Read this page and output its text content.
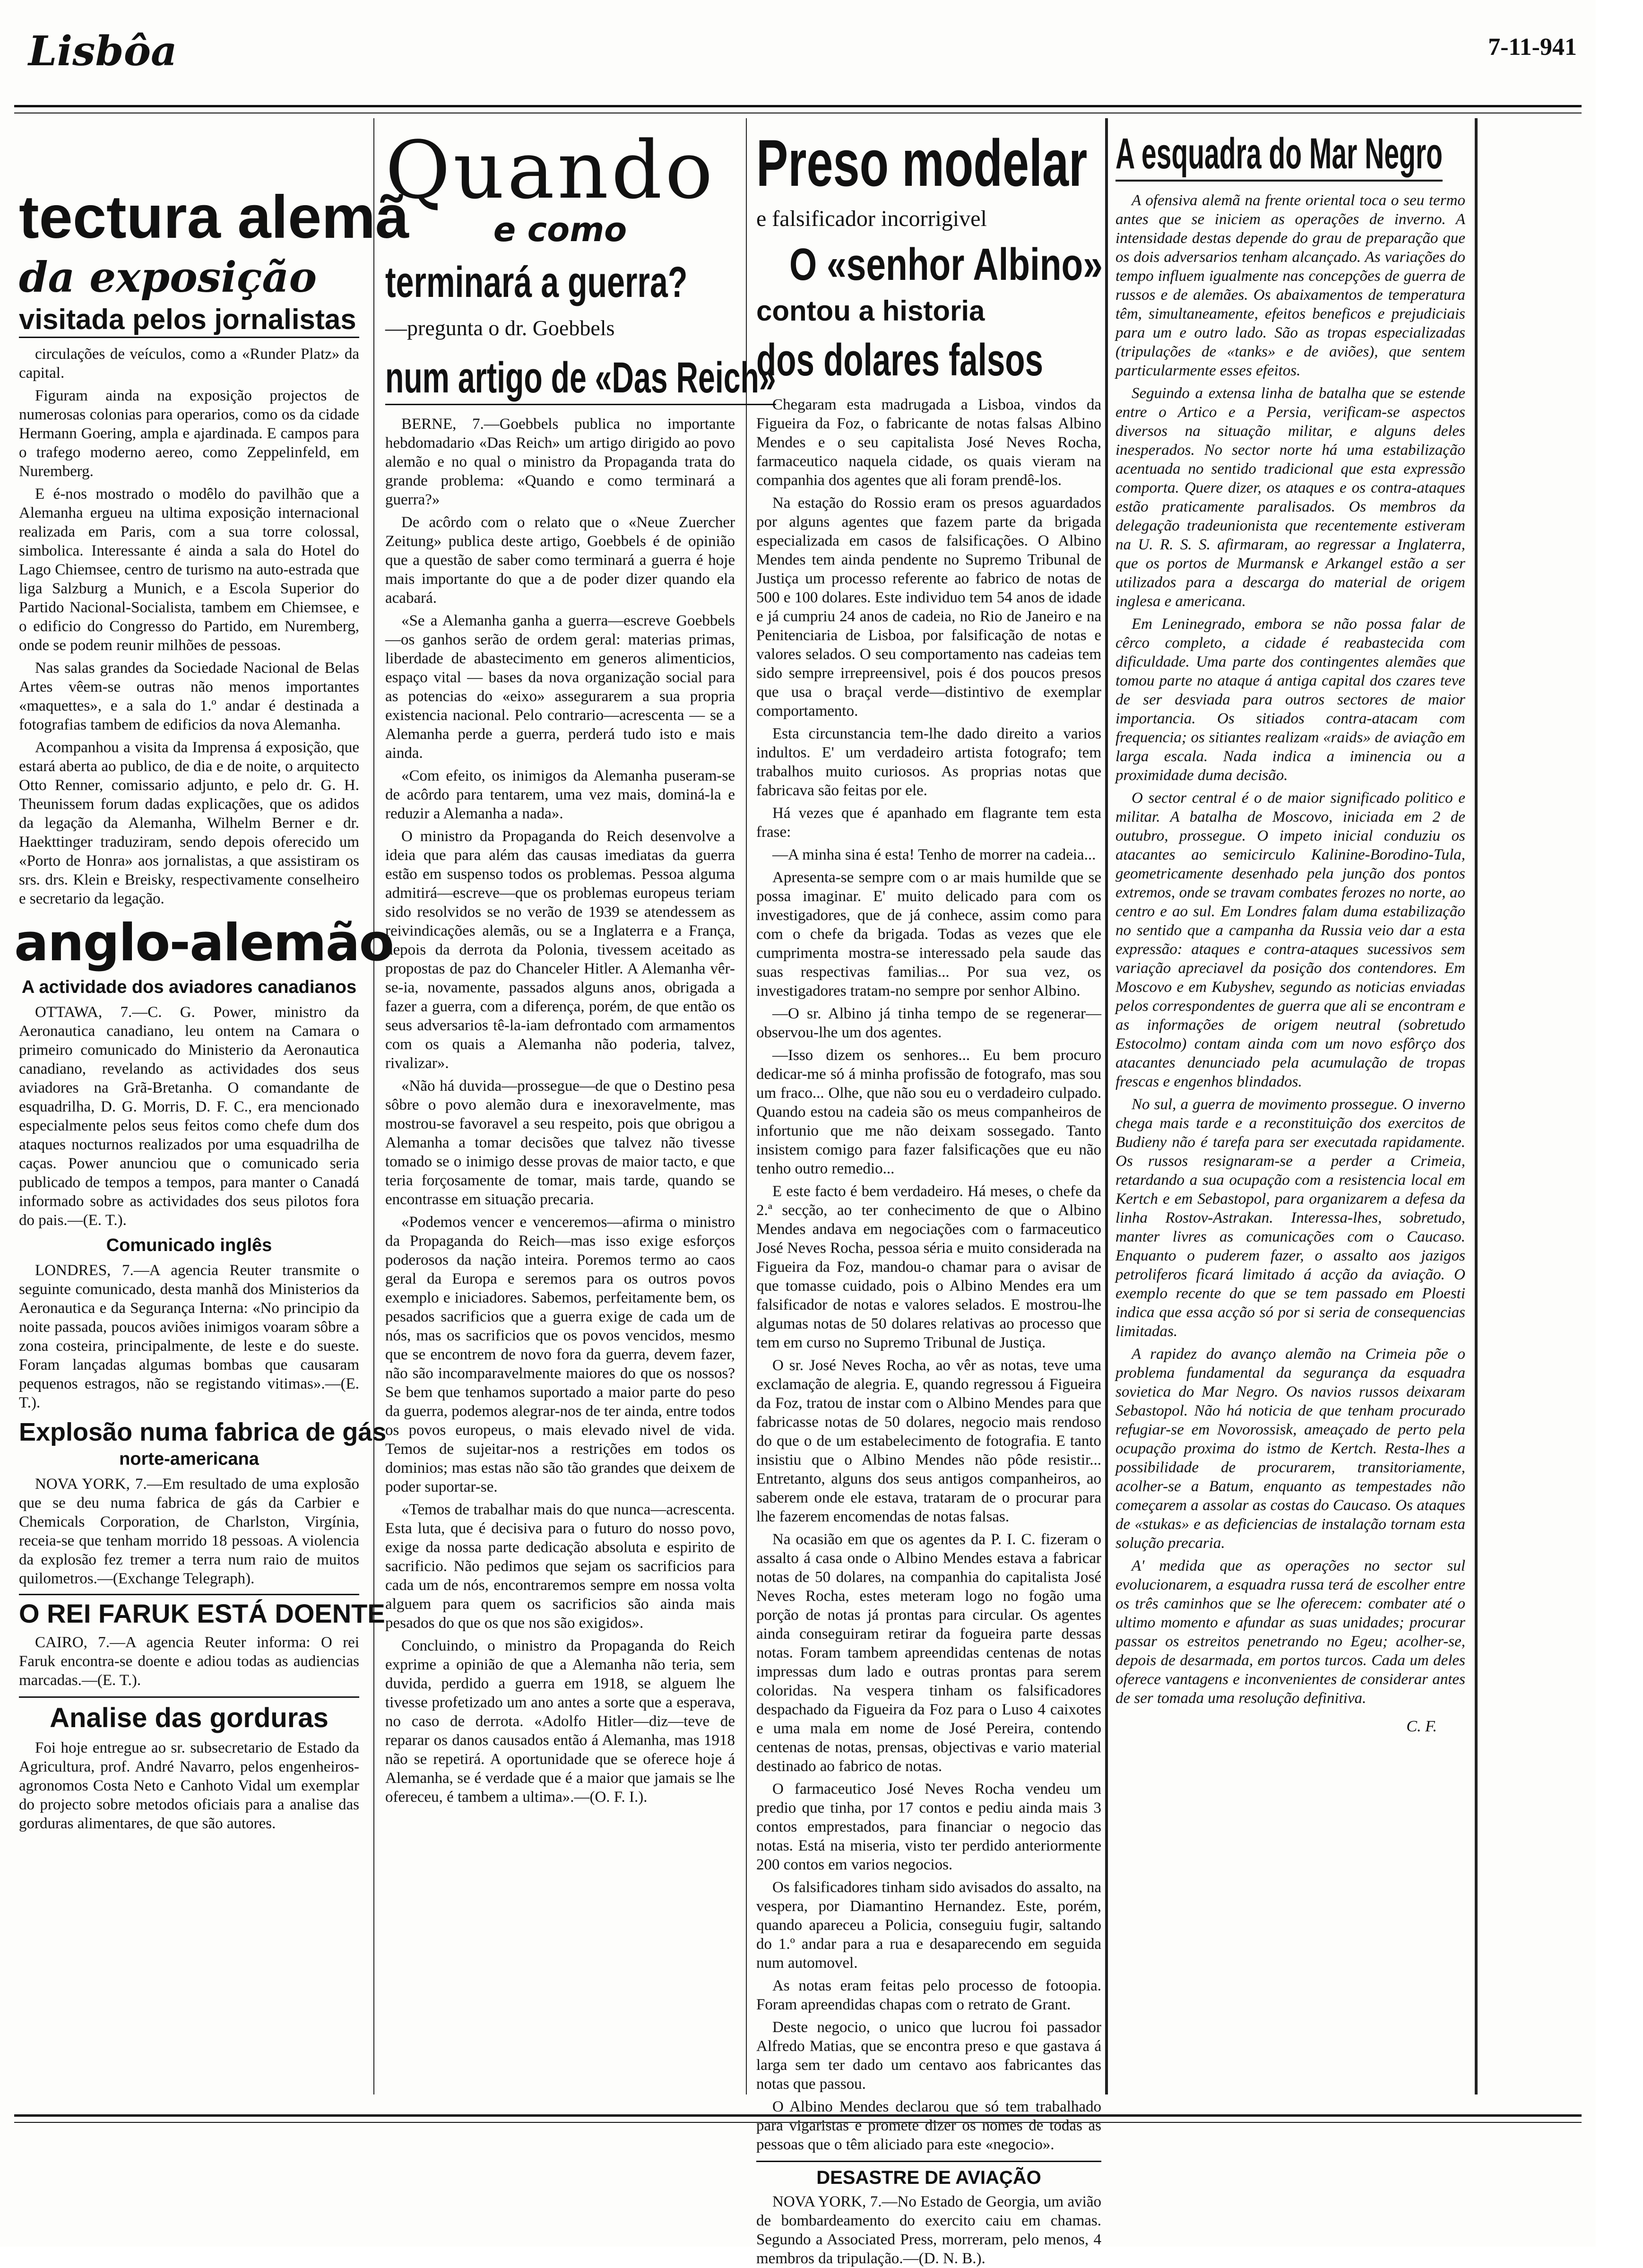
Lisbôa	7-11-941
tectura alemã
da exposição
visitada pelos jornalistas

circulações de veículos, como a «Runder Platz» da capital.

Figuram ainda na exposição projectos de numerosas colonias para operarios, como os da cidade Hermann Goering, ampla e ajardinada. E campos para o trafego moderno aereo, como Zeppelinfeld, em Nuremberg.

E é-nos mostrado o modêlo do pavilhão que a Alemanha ergueu na ultima exposição internacional realizada em Paris, com a sua torre colossal, simbolica. Interessante é ainda a sala do Hotel do Lago Chiemsee, centro de turismo na auto-estrada que liga Salzburg a Munich, e a Escola Superior do Partido Nacional-Socialista, tambem em Chiemsee, e o edificio do Congresso do Partido, em Nuremberg, onde se podem reunir milhões de pessoas.

Nas salas grandes da Sociedade Nacional de Belas Artes vêem-se outras não menos importantes «maquettes», e a sala do 1.º andar é destinada a fotografias tambem de edificios da nova Alemanha.

Acompanhou a visita da Imprensa á exposição, que estará aberta ao publico, de dia e de noite, o arquitecto Otto Renner, comissario adjunto, e pelo dr. G. H. Theunissem forum dadas explicações, que os adidos da legação da Alemanha, Wilhelm Berner e dr. Haekttinger traduziram, sendo depois oferecido um «Porto de Honra» aos jornalistas, a que assistiram os srs. drs. Klein e Breisky, respectivamente conselheiro e secretario da legação.

anglo-alemão
A actividade dos aviadores canadianos

OTTAWA, 7.—C. G. Power, ministro da Aeronautica canadiano, leu ontem na Camara o primeiro comunicado do Ministerio da Aeronautica canadiano, revelando as actividades dos seus aviadores na Grã-Bretanha. O comandante de esquadrilha, D. G. Morris, D. F. C., era mencionado especialmente pelos seus feitos como chefe dum dos ataques nocturnos realizados por uma esquadrilha de caças. Power anunciou que o comunicado seria publicado de tempos a tempos, para manter o Canadá informado sobre as actividades dos seus pilotos fora do pais.—(E. T.).

Comunicado inglês

LONDRES, 7.—A agencia Reuter transmite o seguinte comunicado, desta manhã dos Ministerios da Aeronautica e da Segurança Interna: «No principio da noite passada, poucos aviões inimigos voaram sôbre a zona costeira, principalmente, de leste e do sueste. Foram lançadas algumas bombas que causaram pequenos estragos, não se registando vitimas».—(E. T.).

Explosão numa fabrica de gás
norte-americana

NOVA YORK, 7.—Em resultado de uma explosão que se deu numa fabrica de gás da Carbier e Chemicals Corporation, de Charlston, Virgínia, receia-se que tenham morrido 18 pessoas. A violencia da explosão fez tremer a terra num raio de muitos quilometros.—(Exchange Telegraph).

O REI FARUK ESTÁ DOENTE

CAIRO, 7.—A agencia Reuter informa: O rei Faruk encontra-se doente e adiou todas as audiencias marcadas.—(E. T.).

Analise das gorduras

Foi hoje entregue ao sr. subsecretario de Estado da Agricultura, prof. André Navarro, pelos engenheiros-agronomos Costa Neto e Canhoto Vidal um exemplar do projecto sobre metodos oficiais para a analise das gorduras alimentares, de que são autores.

Quando
e como
terminará a guerra?
—pregunta o dr. Goebbels
num artigo de «Das Reich»

BERNE, 7.—Goebbels publica no importante hebdomadario «Das Reich» um artigo dirigido ao povo alemão e no qual o ministro da Propaganda trata do grande problema: «Quando e como terminará a guerra?»

De acôrdo com o relato que o «Neue Zuercher Zeitung» publica deste artigo, Goebbels é de opinião que a questão de saber como terminará a guerra é hoje mais importante do que a de poder dizer quando ela acabará.

«Se a Alemanha ganha a guerra—escreve Goebbels—os ganhos serão de ordem geral: materias primas, liberdade de abastecimento em generos alimenticios, espaço vital — bases da nova organização social para as potencias do «eixo» assegurarem a sua propria existencia nacional. Pelo contrario—acrescenta — se a Alemanha perde a guerra, perderá tudo isto e mais ainda.

«Com efeito, os inimigos da Alemanha puseram-se de acôrdo para tentarem, uma vez mais, dominá-la e reduzir a Alemanha a nada».

O ministro da Propaganda do Reich desenvolve a ideia que para além das causas imediatas da guerra estão em suspenso todos os problemas. Pessoa alguma admitirá—escreve—que os problemas europeus teriam sido resolvidos se no verão de 1939 se atendessem as reivindicações alemãs, ou se a Inglaterra e a França, depois da derrota da Polonia, tivessem aceitado as propostas de paz do Chanceler Hitler. A Alemanha vêr-se-ia, novamente, passados alguns anos, obrigada a fazer a guerra, com a diferença, porém, de que então os seus adversarios tê-la-iam defrontado com armamentos com os quais a Alemanha não poderia, talvez, rivalizar».

«Não há duvida—prossegue—de que o Destino pesa sôbre o povo alemão dura e inexoravelmente, mas mostrou-se favoravel a seu respeito, pois que obrigou a Alemanha a tomar decisões que talvez não tivesse tomado se o inimigo desse provas de maior tacto, e que teria forçosamente de tomar, mais tarde, quando se encontrasse em situação precaria.

«Podemos vencer e venceremos—afirma o ministro da Propaganda do Reich—mas isso exige esforços poderosos da nação inteira. Poremos termo ao caos geral da Europa e seremos para os outros povos exemplo e iniciadores. Sabemos, perfeitamente bem, os pesados sacrificios que a guerra exige de cada um de nós, mas os sacrificios que os povos vencidos, mesmo que se encontrem de novo fora da guerra, devem fazer, não são incomparavelmente maiores do que os nossos? Se bem que tenhamos suportado a maior parte do peso da guerra, podemos alegrar-nos de ter ainda, entre todos os povos europeus, o mais elevado nivel de vida. Temos de sujeitar-nos a restrições em todos os dominios; mas estas não são tão grandes que deixem de poder suportar-se.

«Temos de trabalhar mais do que nunca—acrescenta. Esta luta, que é decisiva para o futuro do nosso povo, exige da nossa parte dedicação absoluta e espirito de sacrificio. Não pedimos que sejam os sacrificios para cada um de nós, encontraremos sempre em nossa volta alguem para quem os sacrificios são ainda mais pesados do que os que nos são exigidos».

Concluindo, o ministro da Propaganda do Reich exprime a opinião de que a Alemanha não teria, sem duvida, perdido a guerra em 1918, se alguem lhe tivesse profetizado um ano antes a sorte que a esperava, no caso de derrota. «Adolfo Hitler—diz—teve de reparar os danos causados então á Alemanha, mas 1918 não se repetirá. A oportunidade que se oferece hoje á Alemanha, se é verdade que é a maior que jamais se lhe ofereceu, é tambem a ultima».—(O. F. I.).

Preso modelar
e falsificador incorrigivel
O «senhor Albino» contou a historia dos dolares falsos

Chegaram esta madrugada a Lisboa, vindos da Figueira da Foz, o fabricante de notas falsas Albino Mendes e o seu capitalista José Neves Rocha, farmaceutico naquela cidade, os quais vieram na companhia dos agentes que ali foram prendê-los.

Na estação do Rossio eram os presos aguardados por alguns agentes que fazem parte da brigada especializada em casos de falsificações. O Albino Mendes tem ainda pendente no Supremo Tribunal de Justiça um processo referente ao fabrico de notas de 500 e 100 dolares. Este individuo tem 54 anos de idade e já cumpriu 24 anos de cadeia, no Rio de Janeiro e na Penitenciaria de Lisboa, por falsificação de notas e valores selados. O seu comportamento nas cadeias tem sido sempre irrepreensivel, pois é dos poucos presos que usa o braçal verde—distintivo de exemplar comportamento.

Esta circunstancia tem-lhe dado direito a varios indultos. E' um verdadeiro artista fotografo; tem trabalhos muito curiosos. As proprias notas que fabricava são feitas por ele.

Há vezes que é apanhado em flagrante tem esta frase:

—A minha sina é esta! Tenho de morrer na cadeia...

Apresenta-se sempre com o ar mais humilde que se possa imaginar. E' muito delicado para com os investigadores, que de já conhece, assim como para com o chefe da brigada. Todas as vezes que ele cumprimenta mostra-se interessado pela saude das suas respectivas familias... Por sua vez, os investigadores tratam-no sempre por senhor Albino.

—O sr. Albino já tinha tempo de se regenerar—observou-lhe um dos agentes.

—Isso dizem os senhores... Eu bem procuro dedicar-me só á minha profissão de fotografo, mas sou um fraco... Olhe, que não sou eu o verdadeiro culpado. Quando estou na cadeia são os meus companheiros de infortunio que me não deixam sossegado. Tanto insistem comigo para fazer falsificações que eu não tenho outro remedio...

E este facto é bem verdadeiro. Há meses, o chefe da 2.ª secção, ao ter conhecimento de que o Albino Mendes andava em negociações com o farmaceutico José Neves Rocha, pessoa séria e muito considerada na Figueira da Foz, mandou-o chamar para o avisar de que tomasse cuidado, pois o Albino Mendes era um falsificador de notas e valores selados. E mostrou-lhe algumas notas de 50 dolares relativas ao processo que tem em curso no Supremo Tribunal de Justiça.

O sr. José Neves Rocha, ao vêr as notas, teve uma exclamação de alegria. E, quando regressou á Figueira da Foz, tratou de instar com o Albino Mendes para que fabricasse notas de 50 dolares, negocio mais rendoso do que o de um estabelecimento de fotografia. E tanto insistiu que o Albino Mendes não pôde resistir... Entretanto, alguns dos seus antigos companheiros, ao saberem onde ele estava, trataram de o procurar para lhe fazerem encomendas de notas falsas.

Na ocasião em que os agentes da P. I. C. fizeram o assalto á casa onde o Albino Mendes estava a fabricar notas de 50 dolares, na companhia do capitalista José Neves Rocha, estes meteram logo no fogão uma porção de notas já prontas para circular. Os agentes ainda conseguiram retirar da fogueira parte dessas notas. Foram tambem apreendidas centenas de notas impressas dum lado e outras prontas para serem coloridas. Na vespera tinham os falsificadores despachado da Figueira da Foz para o Luso 4 caixotes e uma mala em nome de José Pereira, contendo centenas de notas, prensas, objectivas e vario material destinado ao fabrico de notas.

O farmaceutico José Neves Rocha vendeu um predio que tinha, por 17 contos e pediu ainda mais 3 contos emprestados, para financiar o negocio das notas. Está na miseria, visto ter perdido anteriormente 200 contos em varios negocios.

Os falsificadores tinham sido avisados do assalto, na vespera, por Diamantino Hernandez. Este, porém, quando apareceu a Policia, conseguiu fugir, saltando do 1.º andar para a rua e desaparecendo em seguida num automovel.

As notas eram feitas pelo processo de fotoopia. Foram apreendidas chapas com o retrato de Grant.

Deste negocio, o unico que lucrou foi passador Alfredo Matias, que se encontra preso e que gastava á larga sem ter dado um centavo aos fabricantes das notas que passou.

O Albino Mendes declarou que só tem trabalhado para vigaristas e promete dizer os nomes de todas as pessoas que o têm aliciado para este «negocio».

DESASTRE DE AVIAÇÃO

NOVA YORK, 7.—No Estado de Georgia, um avião de bombardeamento do exercito caiu em chamas. Segundo a Associated Press, morreram, pelo menos, 4 membros da tripulação.—(D. N. B.).

A esquadra do Mar Negro

A ofensiva alemã na frente oriental toca o seu termo antes que se iniciem as operações de inverno. A intensidade destas depende do grau de preparação que os dois adversarios tenham alcançado. As variações do tempo influem igualmente nas concepções de guerra de russos e de alemães. Os abaixamentos de temperatura têm, simultaneamente, efeitos beneficos e prejudiciais para um e outro lado. São as tropas especializadas (tripulações de «tanks» e de aviões), que sentem particularmente esses efeitos.

Seguindo a extensa linha de batalha que se estende entre o Artico e a Persia, verificam-se aspectos diversos na situação militar, e alguns deles inesperados. No sector norte há uma estabilização acentuada no sentido tradicional que esta expressão comporta. Quere dizer, os ataques e os contra-ataques estão praticamente paralisados. Os membros da delegação tradeunionista que recentemente estiveram na U. R. S. S. afirmaram, ao regressar a Inglaterra, que os portos de Murmansk e Arkangel estão a ser utilizados para a descarga do material de origem inglesa e americana.

Em Leninegrado, embora se não possa falar de cêrco completo, a cidade é reabastecida com dificuldade. Uma parte dos contingentes alemães que tomou parte no ataque á antiga capital dos czares teve de ser desviada para outros sectores de maior importancia. Os sitiados contra-atacam com frequencia; os sitiantes realizam «raids» de aviação em larga escala. Nada indica a iminencia ou a proximidade duma decisão.

O sector central é o de maior significado politico e militar. A batalha de Moscovo, iniciada em 2 de outubro, prossegue. O impeto inicial conduziu os atacantes ao semicirculo Kalinine-Borodino-Tula, geometricamente desenhado pela junção dos pontos extremos, onde se travam combates ferozes no norte, ao centro e ao sul. Em Londres falam duma estabilização no sentido que a campanha da Russia veio dar a esta expressão: ataques e contra-ataques sucessivos sem variação apreciavel da posição dos contendores. Em Moscovo e em Kubyshev, segundo as noticias enviadas pelos correspondentes de guerra que ali se encontram e as informações de origem neutral (sobretudo Estocolmo) contam ainda com um novo esfôrço dos atacantes denunciado pela acumulação de tropas frescas e engenhos blindados.

No sul, a guerra de movimento prossegue. O inverno chega mais tarde e a reconstituição dos exercitos de Budieny não é tarefa para ser executada rapidamente. Os russos resignaram-se a perder a Crimeia, retardando a sua ocupação com a resistencia local em Kertch e em Sebastopol, para organizarem a defesa da linha Rostov-Astrakan. Interessa-lhes, sobretudo, manter livres as comunicações com o Caucaso. Enquanto o puderem fazer, o assalto aos jazigos petroliferos ficará limitado á acção da aviação. O exemplo recente do que se tem passado em Ploesti indica que essa acção só por si seria de consequencias limitadas.

A rapidez do avanço alemão na Crimeia põe o problema fundamental da segurança da esquadra sovietica do Mar Negro. Os navios russos deixaram Sebastopol. Não há noticia de que tenham procurado refugiar-se em Novorossisk, ameaçado de perto pela ocupação proxima do istmo de Kertch. Resta-lhes a possibilidade de procurarem, transitoriamente, acolher-se a Batum, enquanto as tempestades não começarem a assolar as costas do Caucaso. Os ataques de «stukas» e as deficiencias de instalação tornam esta solução precaria.

A' medida que as operações no sector sul evolucionarem, a esquadra russa terá de escolher entre os três caminhos que se lhe oferecem: combater até o ultimo momento e afundar as suas unidades; procurar passar os estreitos penetrando no Egeu; acolher-se, depois de desarmada, em portos turcos. Cada um deles oferece vantagens e inconvenientes de considerar antes de ser tomada uma resolução definitiva.

C. F.
